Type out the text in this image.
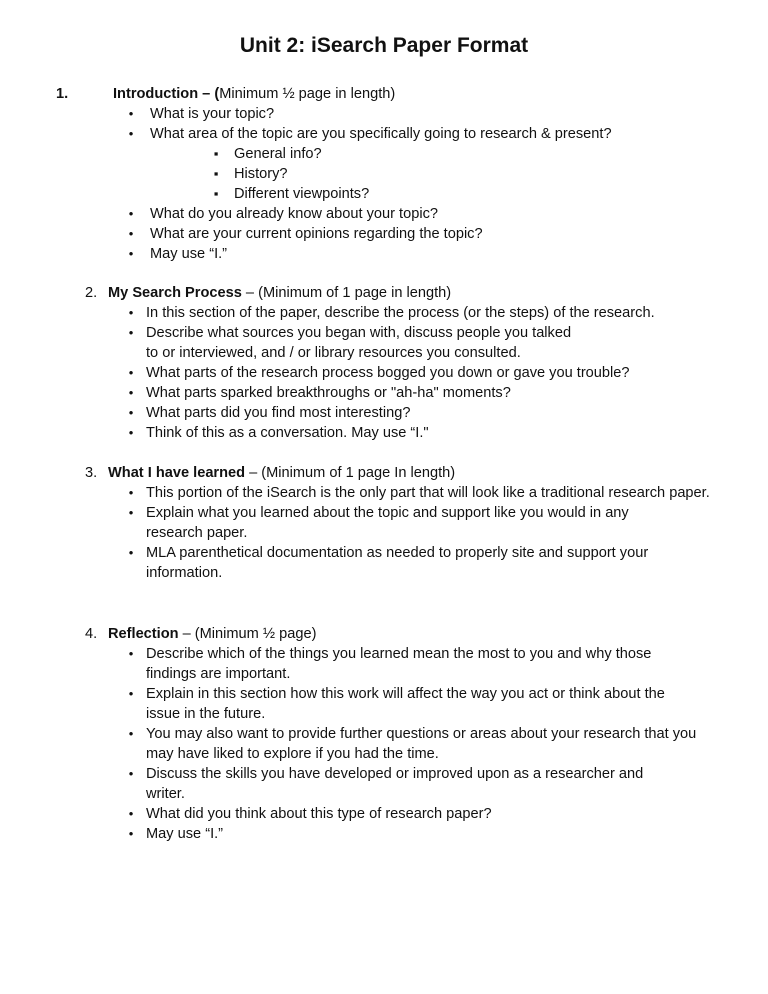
Unit 2: iSearch Paper Format
1.	Introduction – (Minimum ½ page in length)
•
What is your topic?
•
What area of the topic are you specifically going to research & present?
▪
General info?
▪
History?
▪
Different viewpoints?
•
What do you already know about your topic?
•
What are your current opinions regarding the topic?
•
May use “I.”
2. My Search Process – (Minimum of 1 page in length)
•
In this section of the paper, describe the process (or the steps) of the research.
•
Describe what sources you began with, discuss people you talked to or interviewed, and / or library resources you consulted.
•
What parts of the research process bogged you down or gave you trouble?
•
What parts sparked breakthroughs or "ah-ha" moments?
•
What parts did you find most interesting?
•
Think of this as a conversation. May use “I."
3. What I have learned – (Minimum of 1 page In length)
•
This portion of the iSearch is the only part that will look like a traditional research paper.
•
Explain what you learned about the topic and support like you would in any research paper.
•
MLA parenthetical documentation as needed to properly site and support your information.
4. Reflection – (Minimum ½ page)
•
Describe which of the things you learned mean the most to you and why those findings are important.
•
Explain in this section how this work will affect the way you act or think about the issue in the future.
•
You may also want to provide further questions or areas about your research that you may have liked to explore if you had the time.
•
Discuss the skills you have developed or improved upon as a researcher and writer.
•
What did you think about this type of research paper?
•
May use “I.”
